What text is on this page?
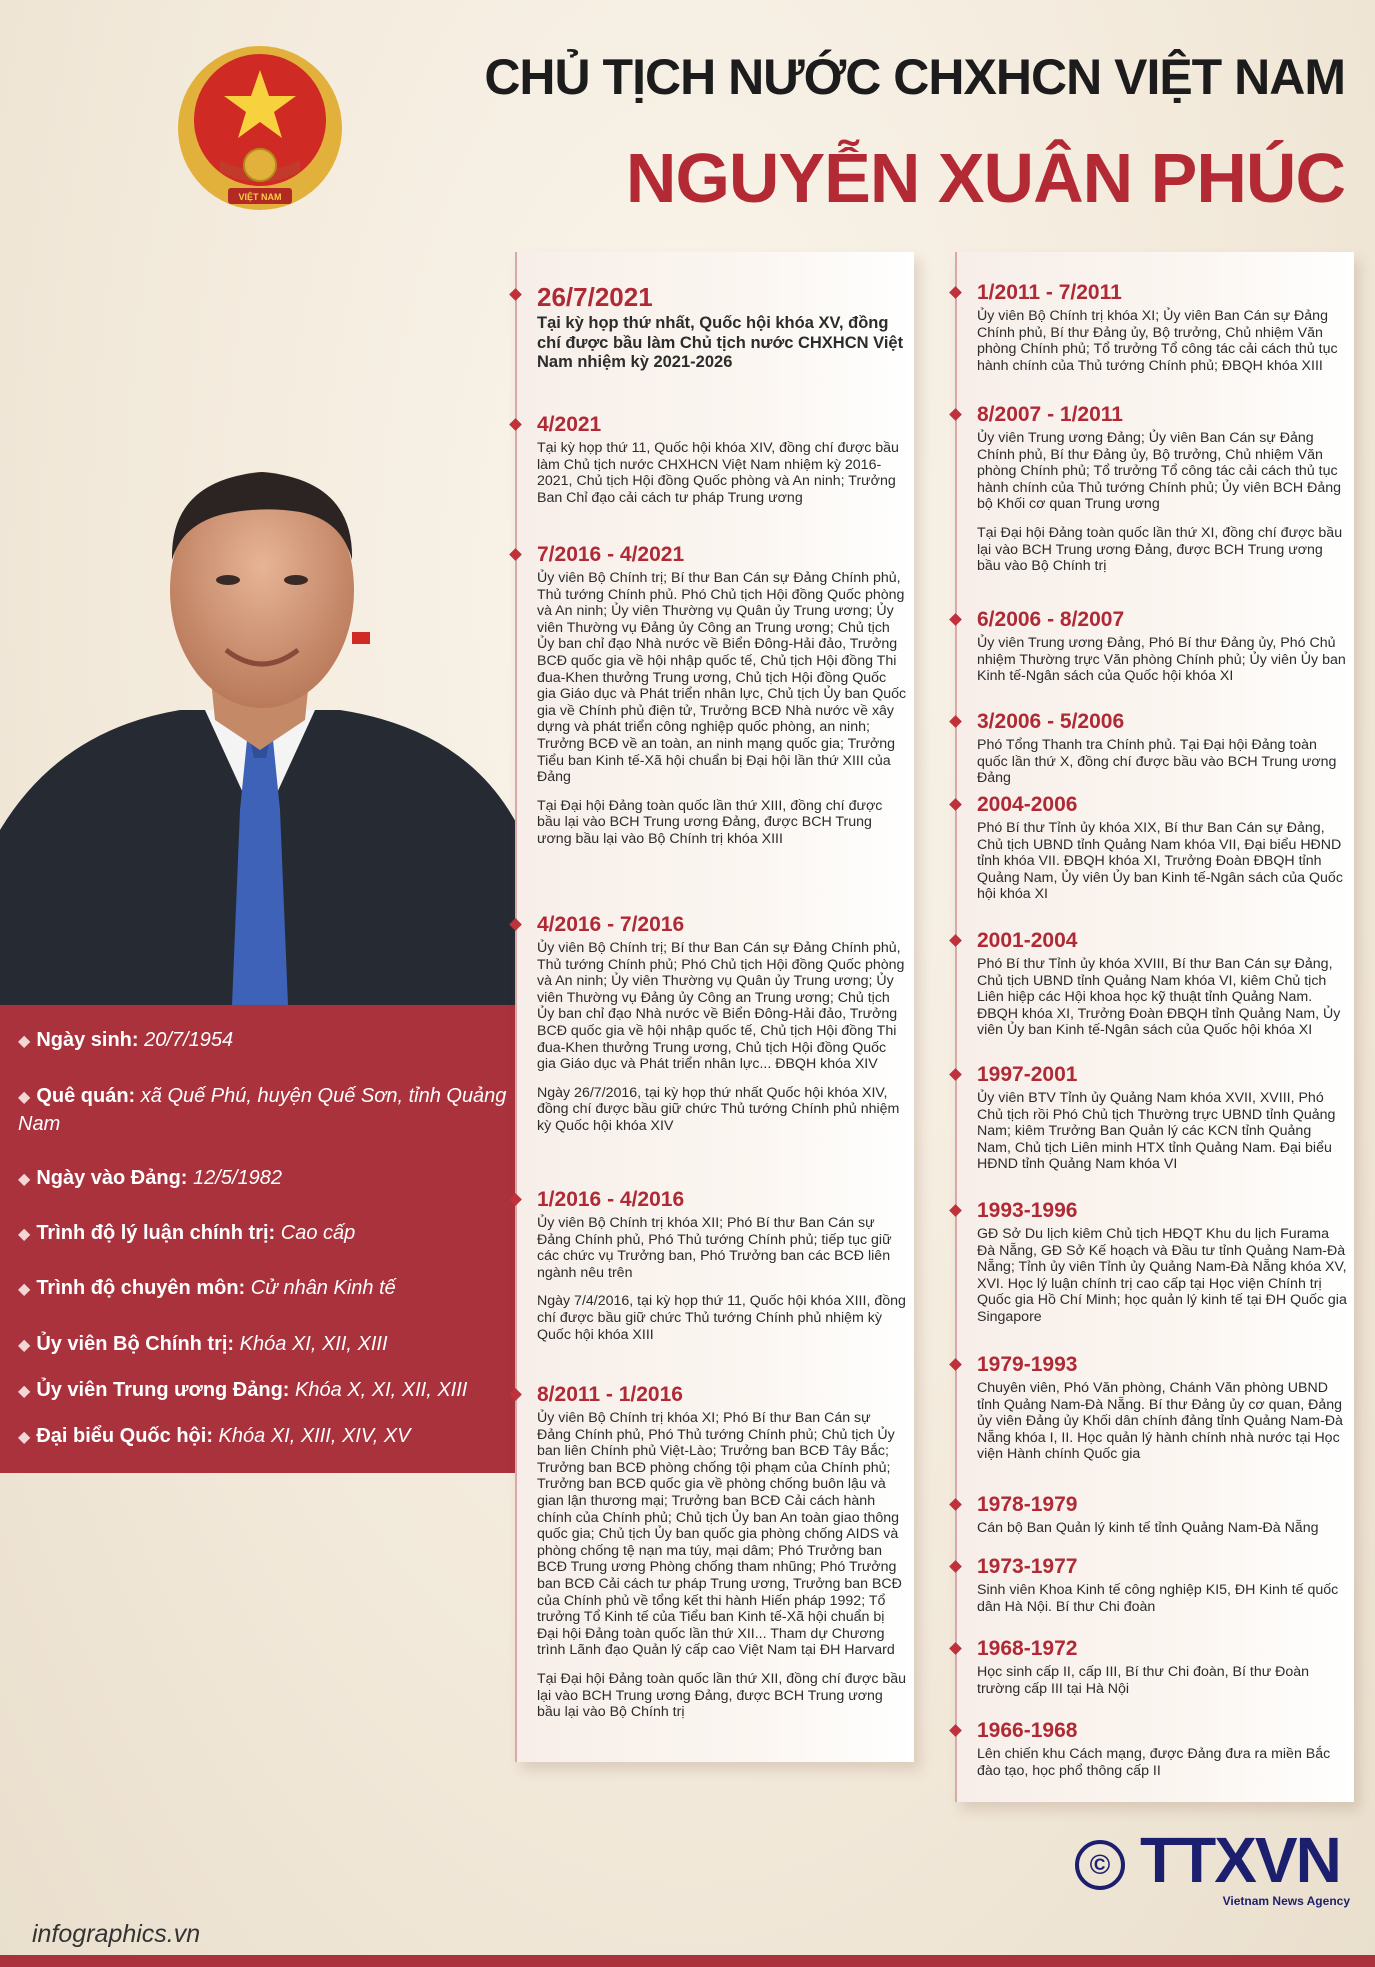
VIỆT NAM
CHỦ TỊCH NƯỚC CHXHCN VIỆT NAM
NGUYỄN XUÂN PHÚC
◆ Ngày sinh: 20/7/1954
◆ Quê quán: xã Quế Phú, huyện Quế Sơn, tỉnh Quảng Nam
◆ Ngày vào Đảng: 12/5/1982
◆ Trình độ lý luận chính trị: Cao cấp
◆ Trình độ chuyên môn: Cử nhân Kinh tế
◆ Ủy viên Bộ Chính trị: Khóa XI, XII, XIII
◆ Ủy viên Trung ương Đảng: Khóa X, XI, XII, XIII
◆ Đại biểu Quốc hội: Khóa XI, XIII, XIV, XV
26/7/2021

Tại kỳ họp thứ nhất, Quốc hội khóa XV, đồng chí được bầu làm Chủ tịch nước CHXHCN Việt Nam nhiệm kỳ 2021-2026

4/2021

Tại kỳ họp thứ 11, Quốc hội khóa XIV, đồng chí được bầu làm Chủ tịch nước CHXHCN Việt Nam nhiệm kỳ 2016-2021, Chủ tịch Hội đồng Quốc phòng và An ninh; Trưởng Ban Chỉ đạo cải cách tư pháp Trung ương

7/2016 - 4/2021

Ủy viên Bộ Chính trị; Bí thư Ban Cán sự Đảng Chính phủ, Thủ tướng Chính phủ. Phó Chủ tịch Hội đồng Quốc phòng và An ninh; Ủy viên Thường vụ Quân ủy Trung ương; Ủy viên Thường vụ Đảng ủy Công an Trung ương; Chủ tịch Ủy ban chỉ đạo Nhà nước về Biển Đông-Hải đảo, Trưởng BCĐ quốc gia về hội nhập quốc tế, Chủ tịch Hội đồng Thi đua-Khen thưởng Trung ương, Chủ tịch Hội đồng Quốc gia Giáo dục và Phát triển nhân lực, Chủ tịch Ủy ban Quốc gia về Chính phủ điện tử, Trưởng BCĐ Nhà nước về xây dựng và phát triển công nghiệp quốc phòng, an ninh; Trưởng BCĐ về an toàn, an ninh mạng quốc gia; Trưởng Tiểu ban Kinh tế-Xã hội chuẩn bị Đại hội lần thứ XIII của Đảng

Tại Đại hội Đảng toàn quốc lần thứ XIII, đồng chí được bầu lại vào BCH Trung ương Đảng, được BCH Trung ương bầu lại vào Bộ Chính trị khóa XIII

4/2016 - 7/2016

Ủy viên Bộ Chính trị; Bí thư Ban Cán sự Đảng Chính phủ, Thủ tướng Chính phủ; Phó Chủ tịch Hội đồng Quốc phòng và An ninh; Ủy viên Thường vụ Quân ủy Trung ương; Ủy viên Thường vụ Đảng ủy Công an Trung ương; Chủ tịch Ủy ban chỉ đạo Nhà nước về Biển Đông-Hải đảo, Trưởng BCĐ quốc gia về hội nhập quốc tế, Chủ tịch Hội đồng Thi đua-Khen thưởng Trung ương, Chủ tịch Hội đồng Quốc gia Giáo dục và Phát triển nhân lực... ĐBQH khóa XIV

Ngày 26/7/2016, tại kỳ họp thứ nhất Quốc hội khóa XIV, đồng chí được bầu giữ chức Thủ tướng Chính phủ nhiệm kỳ Quốc hội khóa XIV

1/2016 - 4/2016

Ủy viên Bộ Chính trị khóa XII; Phó Bí thư Ban Cán sự Đảng Chính phủ, Phó Thủ tướng Chính phủ; tiếp tục giữ các chức vụ Trưởng ban, Phó Trưởng ban các BCĐ liên ngành nêu trên

Ngày 7/4/2016, tại kỳ họp thứ 11, Quốc hội khóa XIII, đồng chí được bầu giữ chức Thủ tướng Chính phủ nhiệm kỳ Quốc hội khóa XIII

8/2011 - 1/2016

Ủy viên Bộ Chính trị khóa XI; Phó Bí thư Ban Cán sự Đảng Chính phủ, Phó Thủ tướng Chính phủ; Chủ tịch Ủy ban liên Chính phủ Việt-Lào; Trưởng ban BCĐ Tây Bắc; Trưởng ban BCĐ phòng chống tội phạm của Chính phủ; Trưởng ban BCĐ quốc gia về phòng chống buôn lậu và gian lận thương mại; Trưởng ban BCĐ Cải cách hành chính của Chính phủ; Chủ tịch Ủy ban An toàn giao thông quốc gia; Chủ tịch Ủy ban quốc gia phòng chống AIDS và phòng chống tệ nạn ma túy, mại dâm; Phó Trưởng ban BCĐ Trung ương Phòng chống tham nhũng; Phó Trưởng ban BCĐ Cải cách tư pháp Trung ương, Trưởng ban BCĐ của Chính phủ về tổng kết thi hành Hiến pháp 1992; Tổ trưởng Tổ Kinh tế của Tiểu ban Kinh tế-Xã hội chuẩn bị Đại hội Đảng toàn quốc lần thứ XII... Tham dự Chương trình Lãnh đạo Quản lý cấp cao Việt Nam tại ĐH Harvard

Tại Đại hội Đảng toàn quốc lần thứ XII, đồng chí được bầu lại vào BCH Trung ương Đảng, được BCH Trung ương bầu lại vào Bộ Chính trị

1/2011 - 7/2011

Ủy viên Bộ Chính trị khóa XI; Ủy viên Ban Cán sự Đảng Chính phủ, Bí thư Đảng ủy, Bộ trưởng, Chủ nhiệm Văn phòng Chính phủ; Tổ trưởng Tổ công tác cải cách thủ tục hành chính của Thủ tướng Chính phủ; ĐBQH khóa XIII

8/2007 - 1/2011

Ủy viên Trung ương Đảng; Ủy viên Ban Cán sự Đảng Chính phủ, Bí thư Đảng ủy, Bộ trưởng, Chủ nhiệm Văn phòng Chính phủ; Tổ trưởng Tổ công tác cải cách thủ tục hành chính của Thủ tướng Chính phủ; Ủy viên BCH Đảng bộ Khối cơ quan Trung ương

Tại Đại hội Đảng toàn quốc lần thứ XI, đồng chí được bầu lại vào BCH Trung ương Đảng, được BCH Trung ương bầu vào Bộ Chính trị

6/2006 - 8/2007

Ủy viên Trung ương Đảng, Phó Bí thư Đảng ủy, Phó Chủ nhiệm Thường trực Văn phòng Chính phủ; Ủy viên Ủy ban Kinh tế-Ngân sách của Quốc hội khóa XI

3/2006 - 5/2006

Phó Tổng Thanh tra Chính phủ. Tại Đại hội Đảng toàn quốc lần thứ X, đồng chí được bầu vào BCH Trung ương Đảng

2004-2006

Phó Bí thư Tỉnh ủy khóa XIX, Bí thư Ban Cán sự Đảng, Chủ tịch UBND tỉnh Quảng Nam khóa VII, Đại biểu HĐND tỉnh khóa VII. ĐBQH khóa XI, Trưởng Đoàn ĐBQH tỉnh Quảng Nam, Ủy viên Ủy ban Kinh tế-Ngân sách của Quốc hội khóa XI

2001-2004

Phó Bí thư Tỉnh ủy khóa XVIII, Bí thư Ban Cán sự Đảng, Chủ tịch UBND tỉnh Quảng Nam khóa VI, kiêm Chủ tịch Liên hiệp các Hội khoa học kỹ thuật tỉnh Quảng Nam. ĐBQH khóa XI, Trưởng Đoàn ĐBQH tỉnh Quảng Nam, Ủy viên Ủy ban Kinh tế-Ngân sách của Quốc hội khóa XI

1997-2001

Ủy viên BTV Tỉnh ủy Quảng Nam khóa XVII, XVIII, Phó Chủ tịch rồi Phó Chủ tịch Thường trực UBND tỉnh Quảng Nam; kiêm Trưởng Ban Quản lý các KCN tỉnh Quảng Nam, Chủ tịch Liên minh HTX tỉnh Quảng Nam. Đại biểu HĐND tỉnh Quảng Nam khóa VI

1993-1996

GĐ Sở Du lịch kiêm Chủ tịch HĐQT Khu du lịch Furama Đà Nẵng, GĐ Sở Kế hoạch và Đầu tư tỉnh Quảng Nam-Đà Nẵng; Tỉnh ủy viên Tỉnh ủy Quảng Nam-Đà Nẵng khóa XV, XVI. Học lý luận chính trị cao cấp tại Học viện Chính trị Quốc gia Hồ Chí Minh; học quản lý kinh tế tại ĐH Quốc gia Singapore

1979-1993

Chuyên viên, Phó Văn phòng, Chánh Văn phòng UBND tỉnh Quảng Nam-Đà Nẵng. Bí thư Đảng ủy cơ quan, Đảng ủy viên Đảng ủy Khối dân chính đảng tỉnh Quảng Nam-Đà Nẵng khóa I, II. Học quản lý hành chính nhà nước tại Học viện Hành chính Quốc gia

1978-1979

Cán bộ Ban Quản lý kinh tế tỉnh Quảng Nam-Đà Nẵng

1973-1977

Sinh viên Khoa Kinh tế công nghiệp KI5, ĐH Kinh tế quốc dân Hà Nội. Bí thư Chi đoàn

1968-1972

Học sinh cấp II, cấp III, Bí thư Chi đoàn, Bí thư Đoàn trường cấp III tại Hà Nội

1966-1968

Lên chiến khu Cách mạng, được Đảng đưa ra miền Bắc đào tạo, học phổ thông cấp II

© TTXVN
Vietnam News Agency
infographics.vn
